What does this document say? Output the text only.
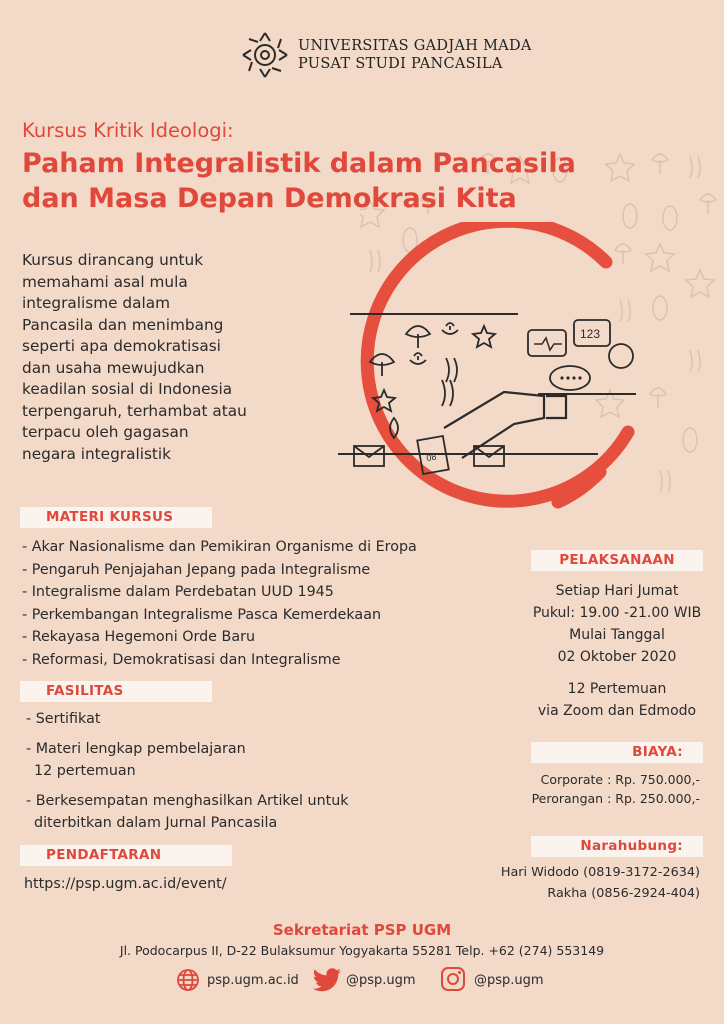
UNIVERSITAS GADJAH MADA
PUSAT STUDI PANCASILA
Kursus Kritik Ideologi:
Paham Integralistik dalam Pancasila
dan Masa Depan Demokrasi Kita
Kursus dirancang untuk
memahami asal mula
integralisme dalam
Pancasila dan menimbang
seperti apa demokratisasi
dan usaha mewujudkan
keadilan sosial di Indonesia
terpengaruh, terhambat atau
terpacu oleh gagasan
negara integralistik
123
08
MATERI KURSUS
- Akar Nasionalisme dan Pemikiran Organisme di Eropa
- Pengaruh Penjajahan Jepang pada Integralisme
- Integralisme dalam Perdebatan UUD 1945
- Perkembangan Integralisme Pasca Kemerdekaan
- Rekayasa Hegemoni Orde Baru
- Reformasi, Demokratisasi dan Integralisme
FASILITAS
- Sertifikat
- Materi lengkap pembelajaran
12 pertemuan
- Berkesempatan menghasilkan Artikel untuk
diterbitkan dalam Jurnal Pancasila
PENDAFTARAN
https://psp.ugm.ac.id/event/
PELAKSANAAN
Setiap Hari Jumat
Pukul: 19.00 -21.00 WIB
Mulai Tanggal
02 Oktober 2020
12 Pertemuan
via Zoom dan Edmodo
BIAYA:
Corporate : Rp. 750.000,-
Perorangan : Rp. 250.000,-
Narahubung:
Hari Widodo (0819-3172-2634)
Rakha (0856-2924-404)
Sekretariat PSP UGM
Jl. Podocarpus II, D-22 Bulaksumur Yogyakarta 55281 Telp. +62 (274) 553149
psp.ugm.ac.id	@psp.ugm	@psp.ugm
